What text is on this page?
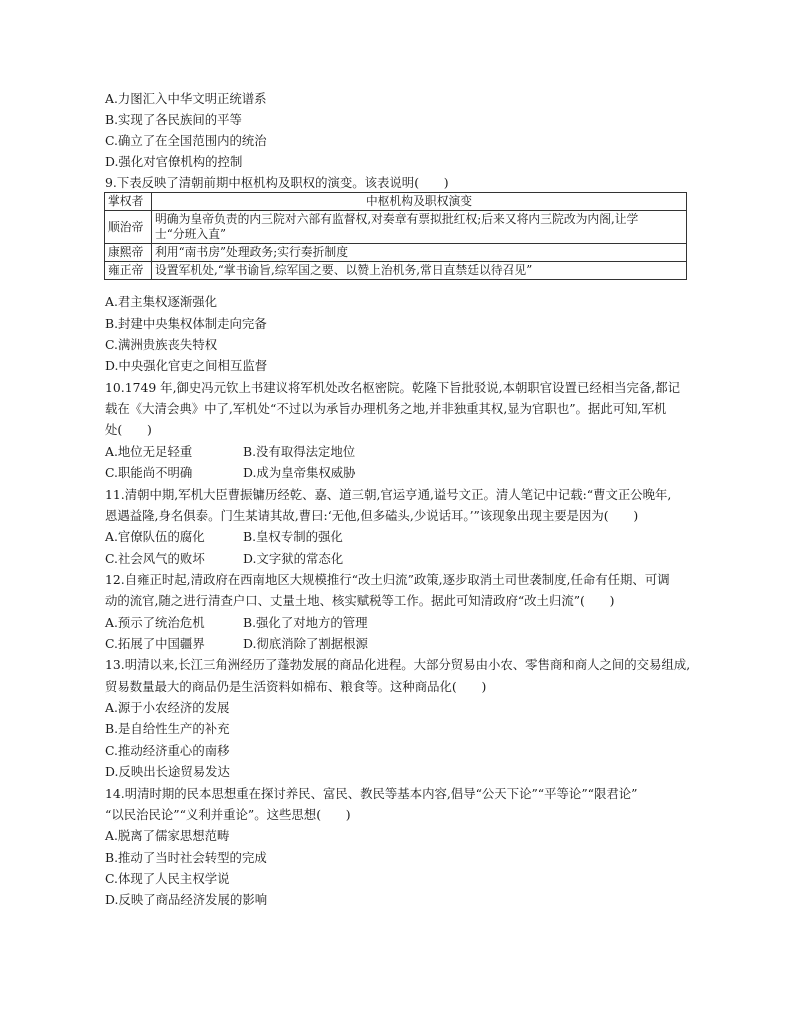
A.力图汇入中华文明正统谱系
B.实现了各民族间的平等
C.确立了在全国范围内的统治
D.强化对官僚机构的控制
9.下表反映了清朝前期中枢机构及职权的演变。该表说明(　　)
掌权者	中枢机构及职权演变
顺治帝	明确为皇帝负责的内三院对六部有监督权,对奏章有票拟批红权;后来又将内三院改为内阁,让学
士“分班入直”

康熙帝	利用“南书房”处理政务;实行奏折制度
雍正帝	设置军机处,“掌书谕旨,综军国之要、以赞上治机务,常日直禁廷以待召见”
A.君主集权逐渐强化
B.封建中央集权体制走向完备
C.满洲贵族丧失特权
D.中央强化官吏之间相互监督
10.1749 年,御史冯元钦上书建议将军机处改名枢密院。乾隆下旨批驳说,本朝职官设置已经相当完备,都记
载在《大清会典》中了,军机处“不过以为承旨办理机务之地,并非独重其权,显为官职也”。据此可知,军机
处(　　)
A.地位无足轻重	B.没有取得法定地位
C.职能尚不明确	D.成为皇帝集权威胁
11.清朝中期,军机大臣曹振镛历经乾、嘉、道三朝,官运亨通,谥号文正。清人笔记中记载:“曹文正公晚年,
恩遇益隆,身名俱泰。门生某请其故,曹曰:‘无他,但多磕头,少说话耳。’”该现象出现主要是因为(　　)
A.官僚队伍的腐化	B.皇权专制的强化
C.社会风气的败坏	D.文字狱的常态化
12.自雍正时起,清政府在西南地区大规模推行“改土归流”政策,逐步取消土司世袭制度,任命有任期、可调
动的流官,随之进行清查户口、丈量土地、核实赋税等工作。据此可知清政府“改土归流”(　　)
A.预示了统治危机	B.强化了对地方的管理
C.拓展了中国疆界	D.彻底消除了割据根源
13.明清以来,长江三角洲经历了蓬勃发展的商品化进程。大部分贸易由小农、零售商和商人之间的交易组成,
贸易数量最大的商品仍是生活资料如棉布、粮食等。这种商品化(　　)
A.源于小农经济的发展
B.是自给性生产的补充
C.推动经济重心的南移
D.反映出长途贸易发达
14.明清时期的民本思想重在探讨养民、富民、教民等基本内容,倡导“公天下论”“平等论”“限君论”
“以民治民论”“义利并重论”。这些思想(　　)
A.脱离了儒家思想范畴
B.推动了当时社会转型的完成
C.体现了人民主权学说
D.反映了商品经济发展的影响
